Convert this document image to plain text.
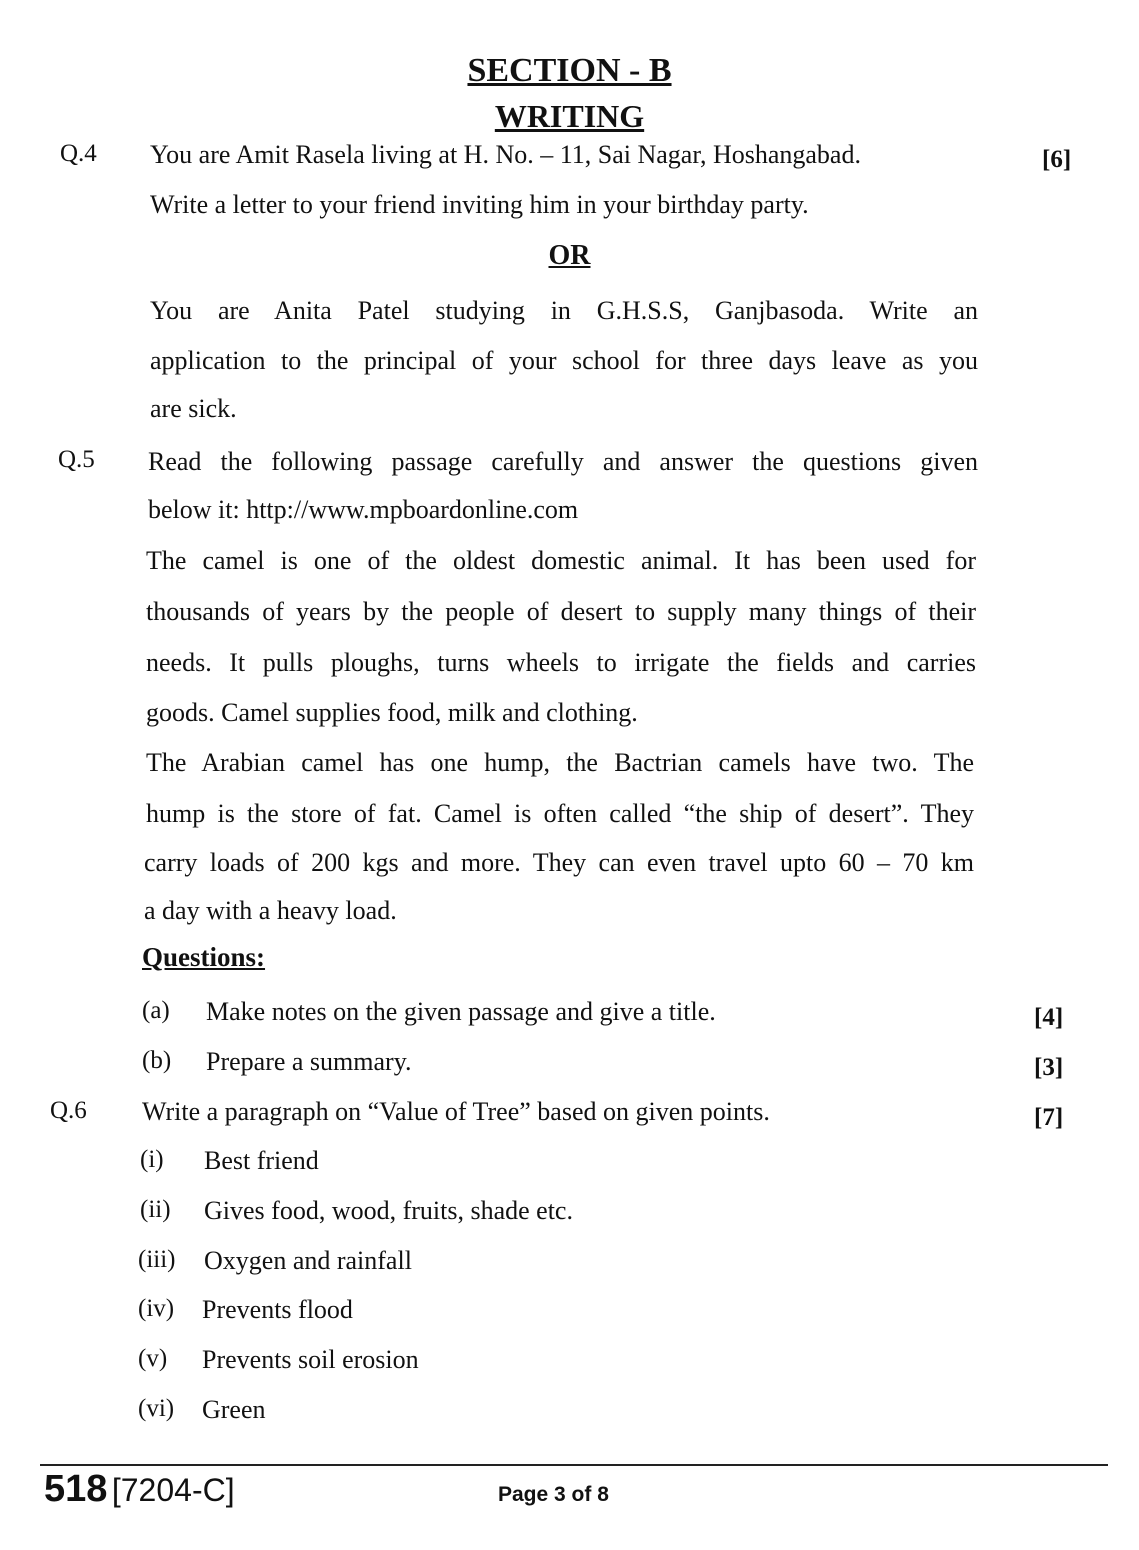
SECTION - B
WRITING
Q.4	[6]
You are Amit Rasela living at H. No. – 11, Sai Nagar, Hoshangabad.
Write a letter to your friend inviting him in your birthday party.
OR
You are Anita Patel studying in G.H.S.S, Ganjbasoda. Write an
application to the principal of your school for three days leave as you
are sick.
Q.5 Read the following passage carefully and answer the questions given
below it: http://www.mpboardonline.com
The camel is one of the oldest domestic animal. It has been used for
thousands of years by the people of desert to supply many things of their
needs. It pulls ploughs, turns wheels to irrigate the fields and carries
goods. Camel supplies food, milk and clothing.
The Arabian camel has one hump, the Bactrian camels have two. The
hump is the store of fat. Camel is often called “the ship of desert”. They
carry loads of 200 kgs and more. They can even travel upto 60 – 70 km
a day with a heavy load.
Questions:
(a) Make notes on the given passage and give a title.	[4]
(b) Prepare a summary.	[3]
Q.6 Write a paragraph on “Value of Tree” based on given points.	[7]
(i) Best friend
(ii) Gives food, wood, fruits, shade etc.
(iii) Oxygen and rainfall
(iv) Prevents flood
(v) Prevents soil erosion
(vi) Green
518 [7204-C]	Page 3 of 8
